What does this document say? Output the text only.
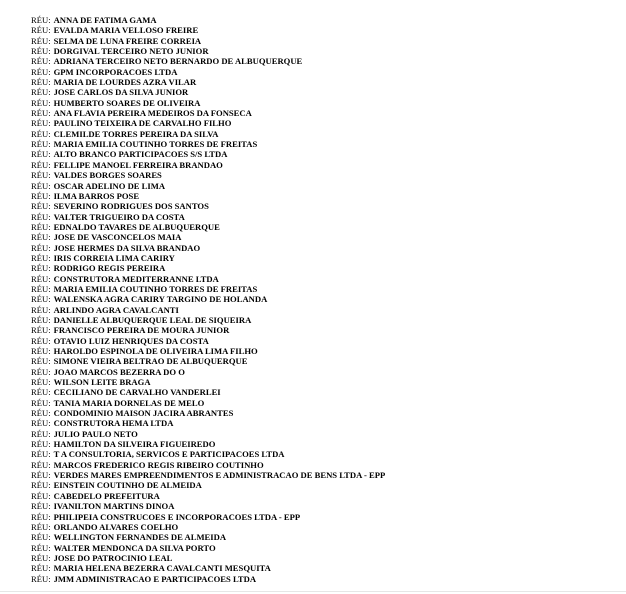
RÉU: ANNA DE FATIMA GAMA
RÉU: EVALDA MARIA VELLOSO FREIRE
RÉU: SELMA DE LUNA FREIRE CORREIA
RÉU: DORGIVAL TERCEIRO NETO JUNIOR
RÉU: ADRIANA TERCEIRO NETO BERNARDO DE ALBUQUERQUE
RÉU: GPM INCORPORACOES LTDA
RÉU: MARIA DE LOURDES AZRA VILAR
RÉU: JOSE CARLOS DA SILVA JUNIOR
RÉU: HUMBERTO SOARES DE OLIVEIRA
RÉU: ANA FLAVIA PEREIRA MEDEIROS DA FONSECA
RÉU: PAULINO TEIXEIRA DE CARVALHO FILHO
RÉU: CLEMILDE TORRES PEREIRA DA SILVA
RÉU: MARIA EMILIA COUTINHO TORRES DE FREITAS
RÉU: ALTO BRANCO PARTICIPACOES S/S LTDA
RÉU: FELLIPE MANOEL FERREIRA BRANDAO
RÉU: VALDES BORGES SOARES
RÉU: OSCAR ADELINO DE LIMA
RÉU: ILMA BARROS POSE
RÉU: SEVERINO RODRIGUES DOS SANTOS
RÉU: VALTER TRIGUEIRO DA COSTA
RÉU: EDNALDO TAVARES DE ALBUQUERQUE
RÉU: JOSE DE VASCONCELOS MAIA
RÉU: JOSE HERMES DA SILVA BRANDAO
RÉU: IRIS CORREIA LIMA CARIRY
RÉU: RODRIGO REGIS PEREIRA
RÉU: CONSTRUTORA MEDITERRANNE LTDA
RÉU: MARIA EMILIA COUTINHO TORRES DE FREITAS
RÉU: WALENSKA AGRA CARIRY TARGINO DE HOLANDA
RÉU: ARLINDO AGRA CAVALCANTI
RÉU: DANIELLE ALBUQUERQUE LEAL DE SIQUEIRA
RÉU: FRANCISCO PEREIRA DE MOURA JUNIOR
RÉU: OTAVIO LUIZ HENRIQUES DA COSTA
RÉU: HAROLDO ESPINOLA DE OLIVEIRA LIMA FILHO
RÉU: SIMONE VIEIRA BELTRAO DE ALBUQUERQUE
RÉU: JOAO MARCOS BEZERRA DO O
RÉU: WILSON LEITE BRAGA
RÉU: CECILIANO DE CARVALHO VANDERLEI
RÉU: TANIA MARIA DORNELAS DE MELO
RÉU: CONDOMINIO MAISON JACIRA ABRANTES
RÉU: CONSTRUTORA HEMA LTDA
RÉU: JULIO PAULO NETO
RÉU: HAMILTON DA SILVEIRA FIGUEIREDO
RÉU: T A CONSULTORIA, SERVICOS E PARTICIPACOES LTDA
RÉU: MARCOS FREDERICO REGIS RIBEIRO COUTINHO
RÉU: VERDES MARES EMPREENDIMENTOS E ADMINISTRACAO DE BENS LTDA - EPP
RÉU: EINSTEIN COUTINHO DE ALMEIDA
RÉU: CABEDELO PREFEITURA
RÉU: IVANILTON MARTINS DINOA
RÉU: PHILIPEIA CONSTRUCOES E INCORPORACOES LTDA - EPP
RÉU: ORLANDO ALVARES COELHO
RÉU: WELLINGTON FERNANDES DE ALMEIDA
RÉU: WALTER MENDONCA DA SILVA PORTO
RÉU: JOSE DO PATROCINIO LEAL
RÉU: MARIA HELENA BEZERRA CAVALCANTI MESQUITA
RÉU: JMM ADMINISTRACAO E PARTICIPACOES LTDA
